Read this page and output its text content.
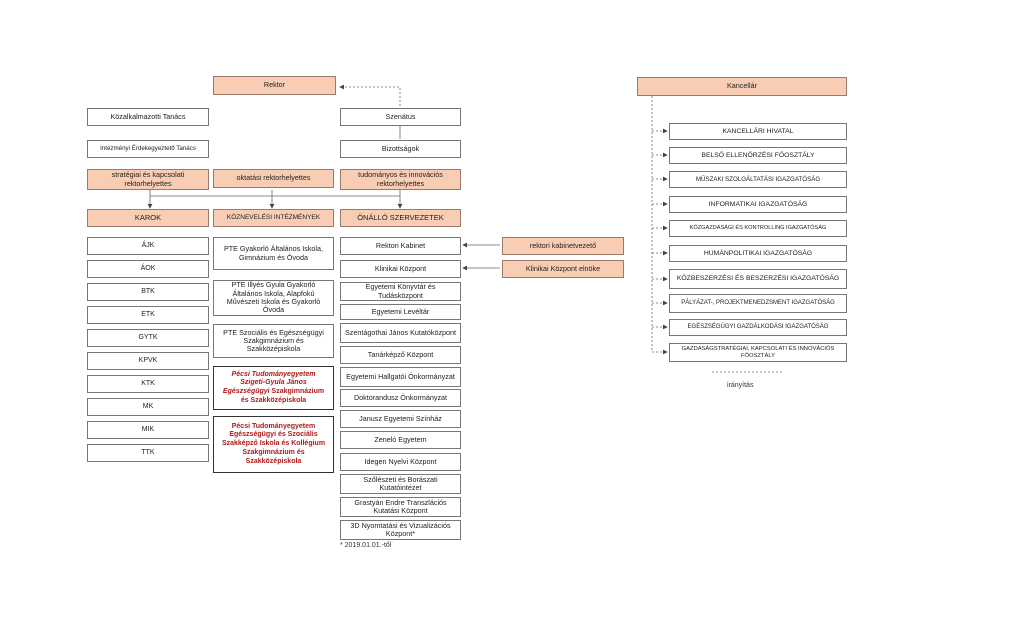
Rektor	Kancellár
Közalkalmazotti Tanács
Intézményi Érdekegyeztető Tanács
Szenátus
Bizottságok
stratégiai és kapcsolati rektorhelyettes
oktatási rektorhelyettes	tudományos és innovációs rektorhelyettes
KAROK	KÖZNEVELÉSI INTÉZMÉNYEK	ÖNÁLLÓ SZERVEZETEK
ÁJK
ÁOK
BTK
ETK
GYTK
KPVK
KTK
MK
MIK
TTK
PTE Gyakorló Általános Iskola, Gimnázium és Óvoda
PTE Illyés Gyula Gyakorló Általános Iskola, Alapfokú Művészeti Iskola és Gyakorló Óvoda
PTE Szociális és Egészségügyi Szakgimnázium és Szakközépiskola
Pécsi Tudományegyetem
Szigeti-Gyula János
Egészségügyi Szakgimnázium
és Szakközépiskola
Pécsi Tudományegyetem Egészségügyi és Szociális Szakképző Iskola és Kollégium Szakgimnázium és Szakközépiskola
Rektori Kabinet
Klinikai Központ
Egyetemi Könyvtár és Tudásközpont
Egyetemi Levéltár
Szentágothai János Kutatóközpont
Tanárképző Központ
Egyetemi Hallgatói Önkormányzat
Doktorandusz Önkormányzat
Janusz Egyetemi Színház
Zeneló Egyetem
Idegen Nyelvi Központ
Szőlészeti és Borászati Kutatóintézet
Grastyán Endre Transzlációs Kutatási Központ
3D Nyomtatási és Vizualizációs Központ*
* 2019.01.01.-től
rektori kabinetvezető
Klinikai Központ elnöke
KANCELLÁRI HIVATAL
BELSŐ ELLENŐRZÉSI FŐOSZTÁLY
MŰSZAKI SZOLGÁLTATÁSI IGAZGATÓSÁG
INFORMATIKAI IGAZGATÓSÁG
KÖZGAZDASÁGI ÉS KONTROLLING IGAZGATÓSÁG
HUMÁNPOLITIKAI IGAZGATÓSÁG
KÖZBESZERZÉSI ÉS BESZERZÉSI IGAZGATÓSÁG
PÁLYÁZAT-, PROJEKTMENEDZSMENT IGAZGATÓSÁG
EGÉSZSÉGÜGYI GAZDÁLKODÁSI IGAZGATÓSÁG
GAZDASÁGSTRATÉGIAI, KAPCSOLATI ÉS INNOVÁCIÓS FŐOSZTÁLY
irányítás
